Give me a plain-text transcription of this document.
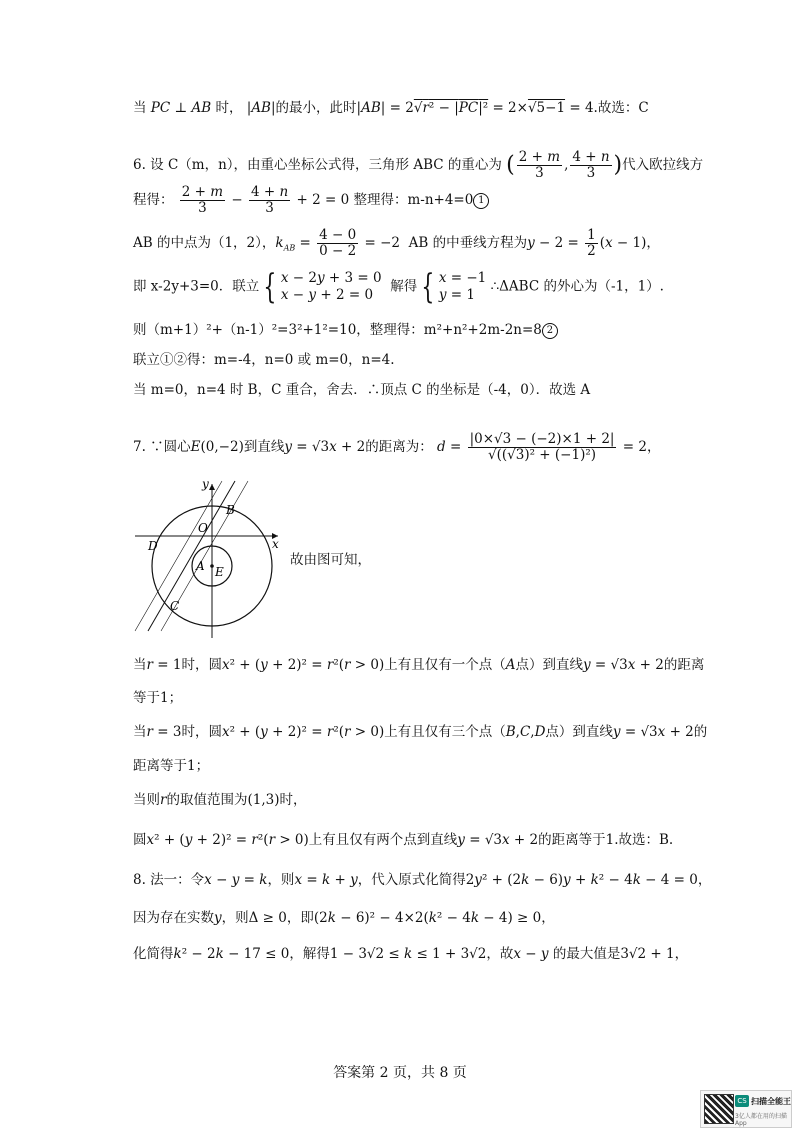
当 PC ⊥ AB 时， |AB|的最小，此时|AB| = 2√r² − |PC|² = 2×√5−1 = 4.故选：C
6. 设 C（m，n），由重心坐标公式得，三角形 ABC 的重心为 ( $\frac{2 + m}{3}$ , $\frac{4 + n}{3}$ )代入欧拉线方
程得： $\frac{2 + m}{3} - \frac{4 + n}{3} + 2 = 0$ 整理得：m-n+4=0 1
AB 的中点为（1，2），$k_{AB} = \frac{4 - 0}{0 - 2} = -2$  AB 的中垂线方程为$y - 2 = \frac{1}{2} (x - 1)$，
即 x-2y+3=0．联立 { x − 2y + 3 = 0
x − y + 2 = 0  解得 { x = −1
y = 1 ∴ΔABC 的外心为（-1，1）.
则（m+1）²+（n-1）²=3²+1²=10，整理得：m²+n²+2m-2n=8 2
联立①②得：m=-4，n=0 或 m=0，n=4.
当 m=0，n=4 时 B，C 重合，舍去．∴顶点 C 的坐标是（-4，0）．故选 A
7. ∵圆心E(0,−2)到直线y = √3x + 2的距离为： $d = \frac{|0\times√3 - (-2)\times 1 + 2|}{\text{√((√3)² + (−1)²)}} = 2$，
y
x
O
B
D
A E
C
故由图可知，
当r = 1时，圆x² + (y + 2)² = r²(r > 0)上有且仅有一个点（A点）到直线y = √3x + 2的距离
等于1；
当r = 3时，圆x² + (y + 2)² = r²(r > 0)上有且仅有三个点（B,C,D点）到直线y = √3x + 2的
距离等于1；
当则r的取值范围为(1,3)时，
圆x² + (y + 2)² = r²(r > 0)上有且仅有两个点到直线y = √3x + 2的距离等于1.故选：B.
8. 法一：令x − y = k，则x = k + y，代入原式化简得2y² + (2k − 6)y + k² − 4k − 4 = 0，
因为存在实数y，则Δ ≥ 0，即(2k − 6)² − 4×2(k² − 4k − 4) ≥ 0，
化简得k² − 2k − 17 ≤ 0，解得1 − 3√2 ≤ k ≤ 1 + 3√2，故x − y 的最大值是3√2 + 1，
答案第 2 页，共 8 页
CS 扫描全能王
3亿人都在用的扫描App
